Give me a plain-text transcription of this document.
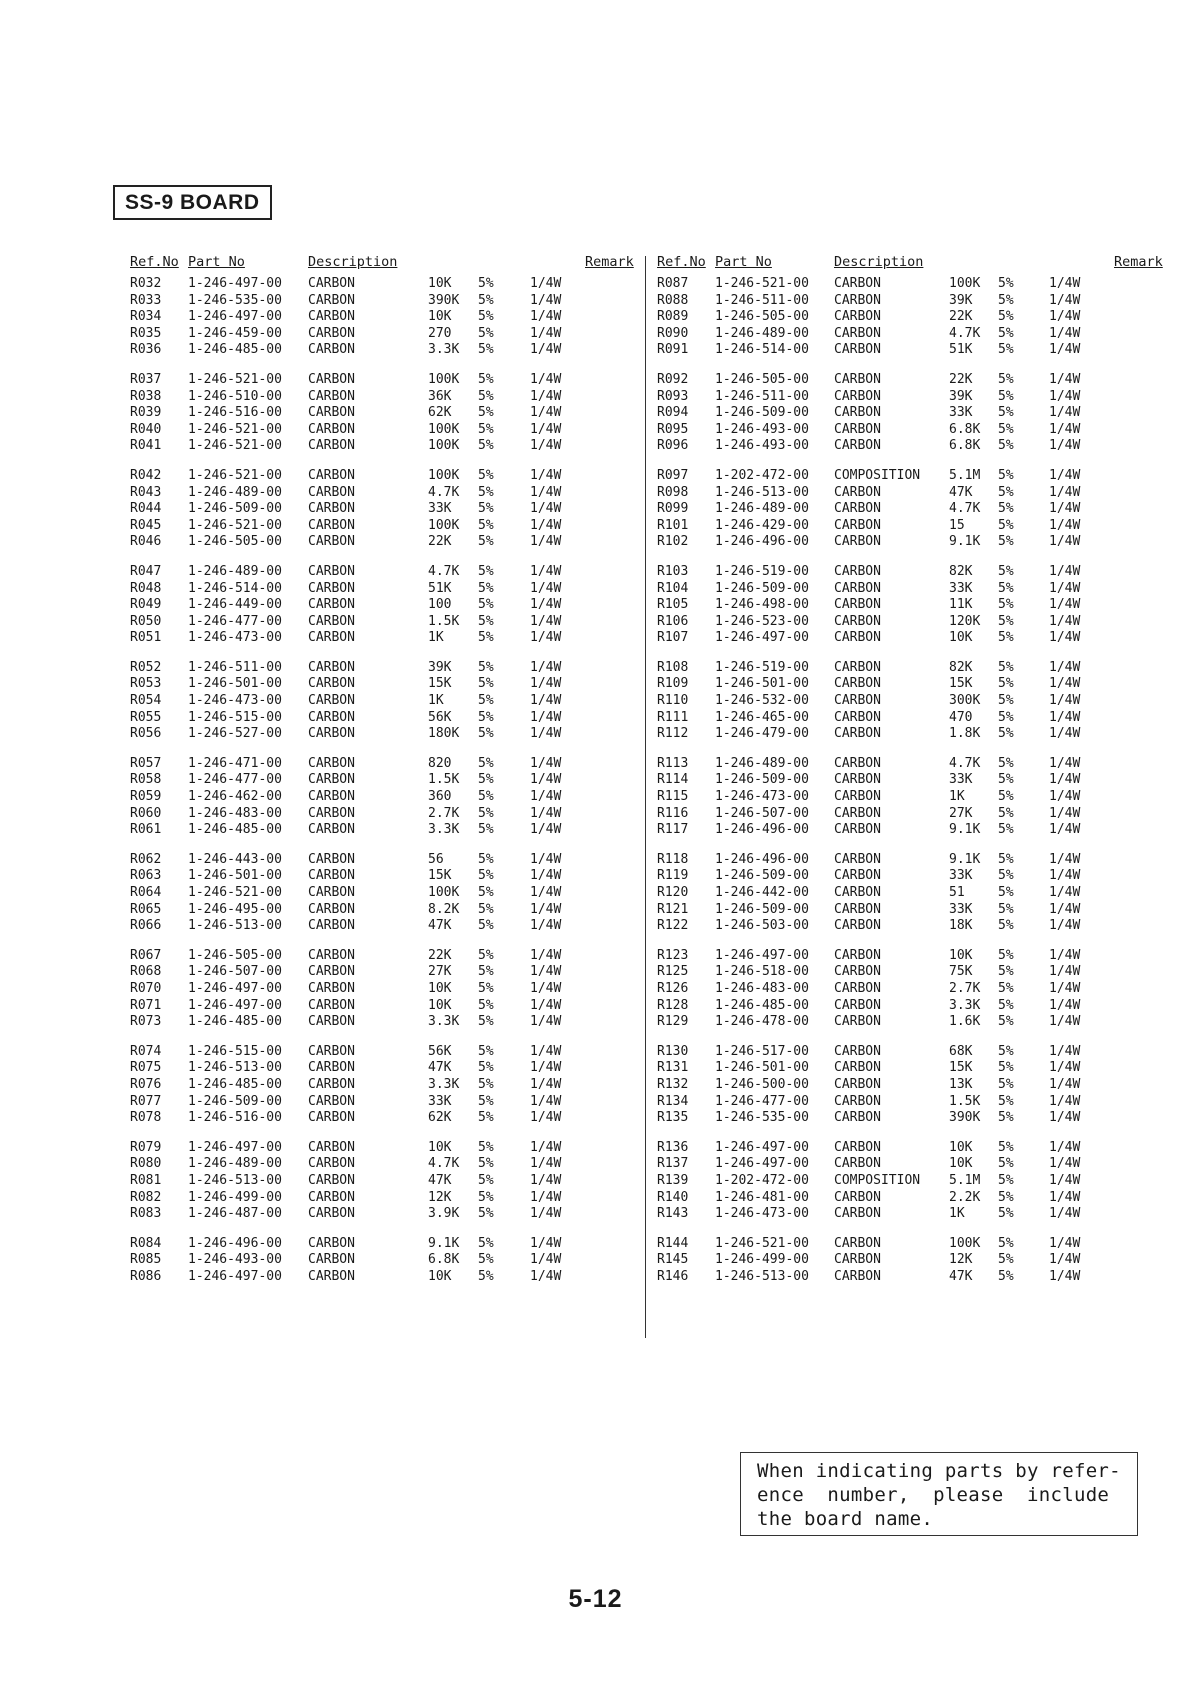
SS-9 BOARD
Ref.No Part No	Description	Remark
R032 1-246-497-00 CARBON	10K 5%	1/4W
R033 1-246-535-00 CARBON	390K 5%	1/4W
R034 1-246-497-00 CARBON	10K 5%	1/4W
R035 1-246-459-00 CARBON	270 5%	1/4W
R036 1-246-485-00 CARBON	3.3K 5%	1/4W
R037 1-246-521-00 CARBON	100K 5%	1/4W
R038 1-246-510-00 CARBON	36K 5%	1/4W
R039 1-246-516-00 CARBON	62K 5%	1/4W
R040 1-246-521-00 CARBON	100K 5%	1/4W
R041 1-246-521-00 CARBON	100K 5%	1/4W
R042 1-246-521-00 CARBON	100K 5%	1/4W
R043 1-246-489-00 CARBON	4.7K 5%	1/4W
R044 1-246-509-00 CARBON	33K 5%	1/4W
R045 1-246-521-00 CARBON	100K 5%	1/4W
R046 1-246-505-00 CARBON	22K 5%	1/4W
R047 1-246-489-00 CARBON	4.7K 5%	1/4W
R048 1-246-514-00 CARBON	51K 5%	1/4W
R049 1-246-449-00 CARBON	100 5%	1/4W
R050 1-246-477-00 CARBON	1.5K 5%	1/4W
R051 1-246-473-00 CARBON	1K	5%	1/4W
R052 1-246-511-00 CARBON	39K 5%	1/4W
R053 1-246-501-00 CARBON	15K 5%	1/4W
R054 1-246-473-00 CARBON	1K	5%	1/4W
R055 1-246-515-00 CARBON	56K 5%	1/4W
R056 1-246-527-00 CARBON	180K 5%	1/4W
R057 1-246-471-00 CARBON	820 5%	1/4W
R058 1-246-477-00 CARBON	1.5K 5%	1/4W
R059 1-246-462-00 CARBON	360 5%	1/4W
R060 1-246-483-00 CARBON	2.7K 5%	1/4W
R061 1-246-485-00 CARBON	3.3K 5%	1/4W
R062 1-246-443-00 CARBON	56	5%	1/4W
R063 1-246-501-00 CARBON	15K 5%	1/4W
R064 1-246-521-00 CARBON	100K 5%	1/4W
R065 1-246-495-00 CARBON	8.2K 5%	1/4W
R066 1-246-513-00 CARBON	47K 5%	1/4W
R067 1-246-505-00 CARBON	22K 5%	1/4W
R068 1-246-507-00 CARBON	27K 5%	1/4W
R070 1-246-497-00 CARBON	10K 5%	1/4W
R071 1-246-497-00 CARBON	10K 5%	1/4W
R073 1-246-485-00 CARBON	3.3K 5%	1/4W
R074 1-246-515-00 CARBON	56K 5%	1/4W
R075 1-246-513-00 CARBON	47K 5%	1/4W
R076 1-246-485-00 CARBON	3.3K 5%	1/4W
R077 1-246-509-00 CARBON	33K 5%	1/4W
R078 1-246-516-00 CARBON	62K 5%	1/4W
R079 1-246-497-00 CARBON	10K 5%	1/4W
R080 1-246-489-00 CARBON	4.7K 5%	1/4W
R081 1-246-513-00 CARBON	47K 5%	1/4W
R082 1-246-499-00 CARBON	12K 5%	1/4W
R083 1-246-487-00 CARBON	3.9K 5%	1/4W
R084 1-246-496-00 CARBON	9.1K 5%	1/4W
R085 1-246-493-00 CARBON	6.8K 5%	1/4W
R086 1-246-497-00 CARBON	10K 5%	1/4W
Ref.No Part No	Description	Remark
R087 1-246-521-00 CARBON	100K 5%	1/4W
R088 1-246-511-00 CARBON	39K 5%	1/4W
R089 1-246-505-00 CARBON	22K 5%	1/4W
R090 1-246-489-00 CARBON	4.7K 5%	1/4W
R091 1-246-514-00 CARBON	51K 5%	1/4W
R092 1-246-505-00 CARBON	22K 5%	1/4W
R093 1-246-511-00 CARBON	39K 5%	1/4W
R094 1-246-509-00 CARBON	33K 5%	1/4W
R095 1-246-493-00 CARBON	6.8K 5%	1/4W
R096 1-246-493-00 CARBON	6.8K 5%	1/4W
R097 1-202-472-00 COMPOSITION 5.1M 5%	1/4W
R098 1-246-513-00 CARBON	47K 5%	1/4W
R099 1-246-489-00 CARBON	4.7K 5%	1/4W
R101 1-246-429-00 CARBON	15	5%	1/4W
R102 1-246-496-00 CARBON	9.1K 5%	1/4W
R103 1-246-519-00 CARBON	82K 5%	1/4W
R104 1-246-509-00 CARBON	33K 5%	1/4W
R105 1-246-498-00 CARBON	11K 5%	1/4W
R106 1-246-523-00 CARBON	120K 5%	1/4W
R107 1-246-497-00 CARBON	10K 5%	1/4W
R108 1-246-519-00 CARBON	82K 5%	1/4W
R109 1-246-501-00 CARBON	15K 5%	1/4W
R110 1-246-532-00 CARBON	300K 5%	1/4W
R111 1-246-465-00 CARBON	470 5%	1/4W
R112 1-246-479-00 CARBON	1.8K 5%	1/4W
R113 1-246-489-00 CARBON	4.7K 5%	1/4W
R114 1-246-509-00 CARBON	33K 5%	1/4W
R115 1-246-473-00 CARBON	1K	5%	1/4W
R116 1-246-507-00 CARBON	27K 5%	1/4W
R117 1-246-496-00 CARBON	9.1K 5%	1/4W
R118 1-246-496-00 CARBON	9.1K 5%	1/4W
R119 1-246-509-00 CARBON	33K 5%	1/4W
R120 1-246-442-00 CARBON	51	5%	1/4W
R121 1-246-509-00 CARBON	33K 5%	1/4W
R122 1-246-503-00 CARBON	18K 5%	1/4W
R123 1-246-497-00 CARBON	10K 5%	1/4W
R125 1-246-518-00 CARBON	75K 5%	1/4W
R126 1-246-483-00 CARBON	2.7K 5%	1/4W
R128 1-246-485-00 CARBON	3.3K 5%	1/4W
R129 1-246-478-00 CARBON	1.6K 5%	1/4W
R130 1-246-517-00 CARBON	68K 5%	1/4W
R131 1-246-501-00 CARBON	15K 5%	1/4W
R132 1-246-500-00 CARBON	13K 5%	1/4W
R134 1-246-477-00 CARBON	1.5K 5%	1/4W
R135 1-246-535-00 CARBON	390K 5%	1/4W
R136 1-246-497-00 CARBON	10K 5%	1/4W
R137 1-246-497-00 CARBON	10K 5%	1/4W
R139 1-202-472-00 COMPOSITION 5.1M 5%	1/4W
R140 1-246-481-00 CARBON	2.2K 5%	1/4W
R143 1-246-473-00 CARBON	1K	5%	1/4W
R144 1-246-521-00 CARBON	100K 5%	1/4W
R145 1-246-499-00 CARBON	12K 5%	1/4W
R146 1-246-513-00 CARBON	47K 5%	1/4W
When indicating parts by refer-
ence  number,  please  include
the board name.
5-12
